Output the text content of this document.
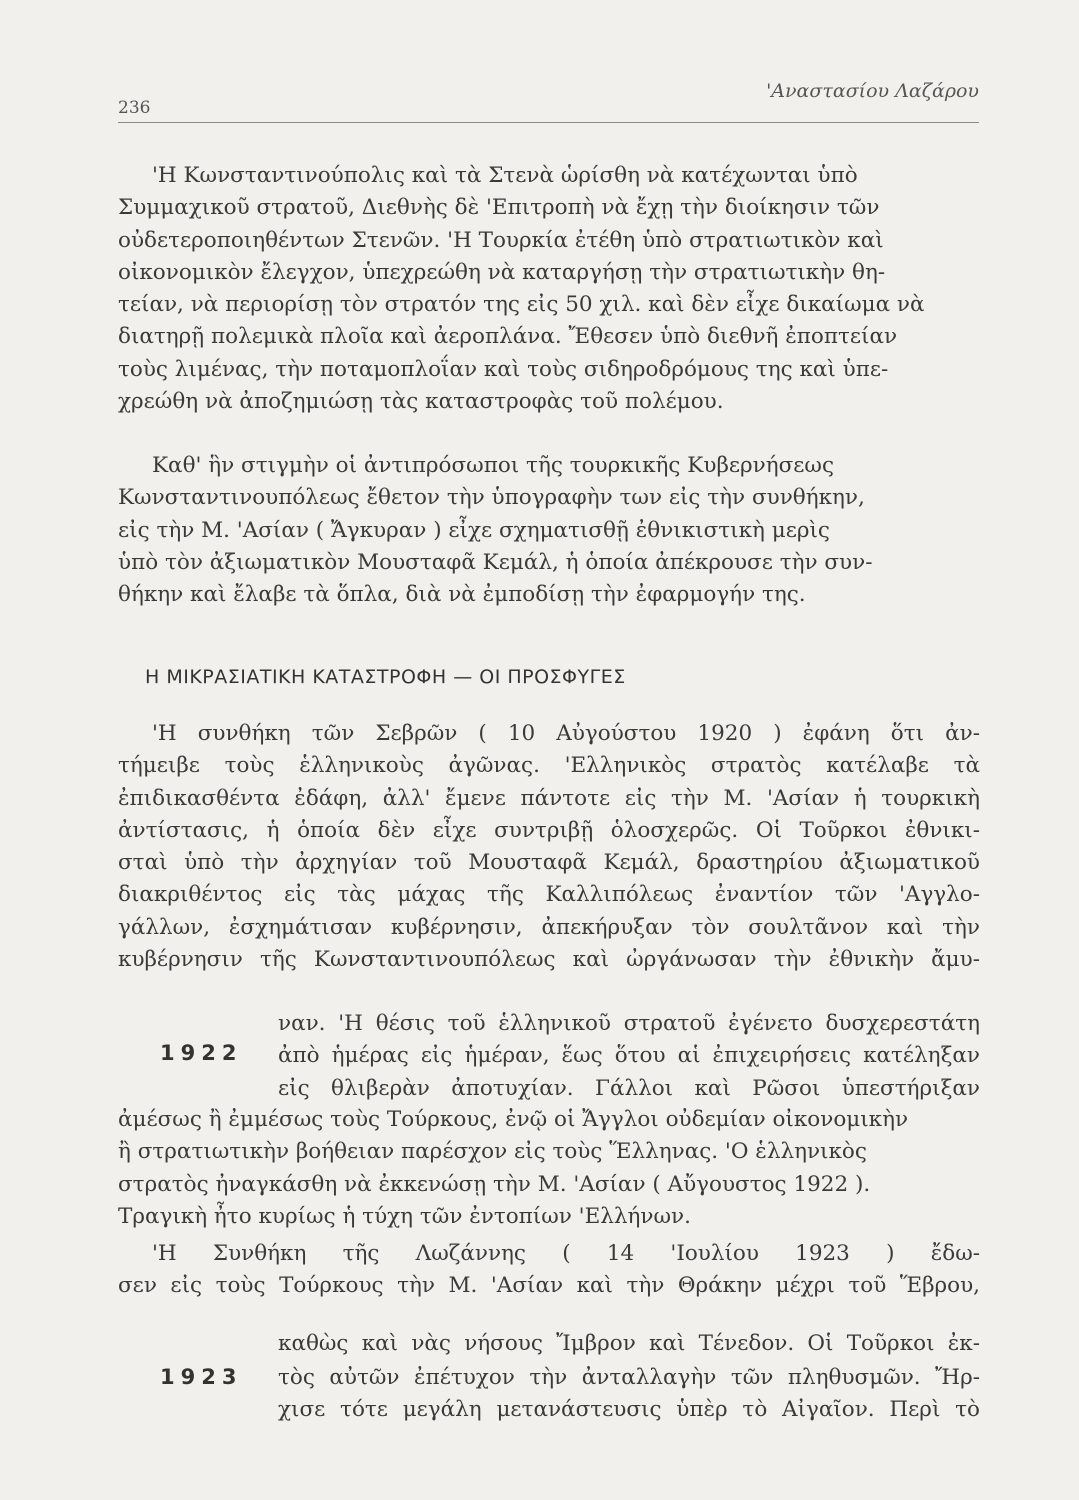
236
'Αναστασίου Λαζάρου
'Η Κωνσταντινούπολις καὶ τὰ Στενὰ ὡρίσθη νὰ κατέχωνται ὑπὸ
Συμμαχικοῦ στρατοῦ, Διεθνὴς δὲ 'Επιτροπὴ νὰ ἔχῃ τὴν διοίκησιν τῶν
οὐδετεροποιηθέντων Στενῶν. 'Η Τουρκία ἐτέθη ὑπὸ στρατιωτικὸν καὶ
οἰκονομικὸν ἔλεγχον, ὑπεχρεώθη νὰ καταργήσῃ τὴν στρατιωτικὴν θη-
τείαν, νὰ περιορίσῃ τὸν στρατόν της εἰς 50 χιλ. καὶ δὲν εἶχε δικαίωμα νὰ
διατηρῇ πολεμικὰ πλοῖα καὶ ἀεροπλάνα. Ἔθεσεν ὑπὸ διεθνῆ ἐποπτείαν
τοὺς λιμένας, τὴν ποταμοπλοΐαν καὶ τοὺς σιδηροδρόμους της καὶ ὑπε-
χρεώθη νὰ ἀποζημιώσῃ τὰς καταστροφὰς τοῦ πολέμου.
Καθ' ἣν στιγμὴν οἱ ἀντιπρόσωποι τῆς τουρκικῆς Κυβερνήσεως
Κωνσταντινουπόλεως ἔθετον τὴν ὑπογραφὴν των εἰς τὴν συνθήκην,
εἰς τὴν Μ. 'Ασίαν ( Ἄγκυραν ) εἶχε σχηματισθῇ ἐθνικιστικὴ μερὶς
ὑπὸ τὸν ἀξιωματικὸν Μουσταφᾶ Κεμάλ, ἡ ὁποία ἀπέκρουσε τὴν συν-
θήκην καὶ ἔλαβε τὰ ὅπλα, διὰ νὰ ἐμποδίσῃ τὴν ἐφαρμογήν της.
Η ΜΙΚΡΑΣΙΑΤΙΚΗ ΚΑΤΑΣΤΡΟΦΗ — ΟΙ ΠΡΟΣΦΥΓΕΣ
'Η συνθήκη τῶν Σεβρῶν ( 10 Αὐγούστου 1920 ) ἐφάνη ὅτι ἀν-
τήμειβε τοὺς ἑλληνικοὺς ἀγῶνας. 'Ελληνικὸς στρατὸς κατέλαβε τὰ
ἐπιδικασθέντα ἐδάφη, ἀλλ' ἔμενε πάντοτε εἰς τὴν Μ. 'Ασίαν ἡ τουρκικὴ
ἀντίστασις, ἡ ὁποία δὲν εἶχε συντριβῇ ὁλοσχερῶς. Οἱ Τοῦρκοι ἐθνικι-
σταὶ ὑπὸ τὴν ἀρχηγίαν τοῦ Μουσταφᾶ Κεμάλ, δραστηρίου ἀξιωματικοῦ
διακριθέντος εἰς τὰς μάχας τῆς Καλλιπόλεως ἐναντίον τῶν 'Αγγλο-
γάλλων, ἐσχημάτισαν κυβέρνησιν, ἀπεκήρυξαν τὸν σουλτᾶνον καὶ τὴν
κυβέρνησιν τῆς Κωνσταντινουπόλεως καὶ ὠργάνωσαν τὴν ἐθνικὴν ἄμυ-
1922
ναν. 'Η θέσις τοῦ ἑλληνικοῦ στρατοῦ ἐγένετο δυσχερεστάτη
ἀπὸ ἡμέρας εἰς ἡμέραν, ἕως ὅτου αἱ ἐπιχειρήσεις κατέληξαν
εἰς θλιβερὰν ἀποτυχίαν. Γάλλοι καὶ Ρῶσοι ὑπεστήριξαν
ἀμέσως ἢ ἐμμέσως τοὺς Τούρκους, ἐνῷ οἱ Ἄγγλοι οὐδεμίαν οἰκονομικὴν
ἢ στρατιωτικὴν βοήθειαν παρέσχον εἰς τοὺς Ἕλληνας. 'Ο ἑλληνικὸς
στρατὸς ἠναγκάσθη νὰ ἐκκενώσῃ τὴν Μ. 'Ασίαν ( Αὔγουστος 1922 ).
Τραγικὴ ἦτο κυρίως ἡ τύχη τῶν ἐντοπίων 'Ελλήνων.
'Η Συνθήκη τῆς Λωζάννης ( 14 'Ιουλίου 1923 ) ἔδω-
σεν εἰς τοὺς Τούρκους τὴν Μ. 'Ασίαν καὶ τὴν Θράκην μέχρι τοῦ Ἕβρου,
καθὼς καὶ νὰς νήσους Ἴμβρον καὶ Τένεδον. Οἱ Τοῦρκοι ἐκ-
1923 τὸς αὐτῶν ἐπέτυχον τὴν ἀνταλλαγὴν τῶν πληθυσμῶν. Ἤρ-
χισε τότε μεγάλη μετανάστευσις ὑπὲρ τὸ Αἰγαῖον. Περὶ τὸ
